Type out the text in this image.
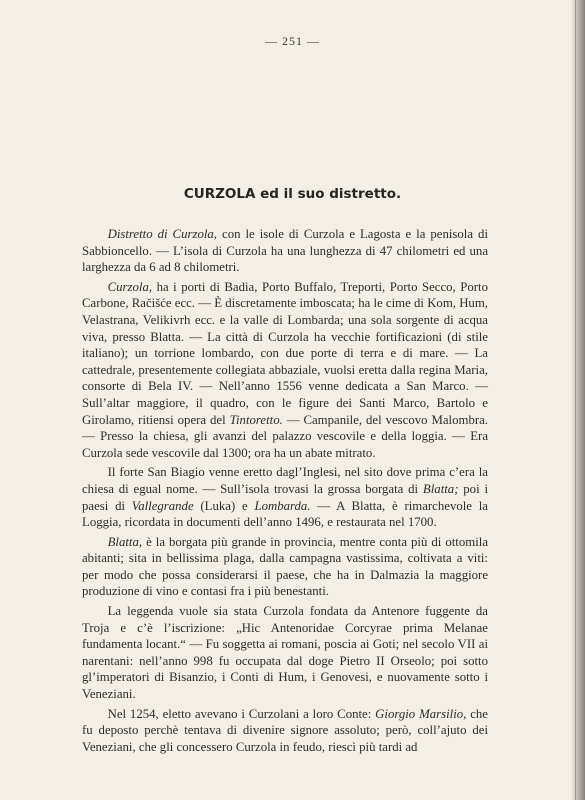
— 251 —
CURZOLA ed il suo distretto.

Distretto di Curzola, con le isole di Curzola e Lagosta e la penisola di Sabbioncello. — L’isola di Curzola ha una lunghezza di 47 chilometri ed una larghezza da 6 ad 8 chilometri.

Curzola, ha i porti di Badia, Porto Buffalo, Treporti, Porto Secco, Porto Carbone, Račišće ecc. — È discretamente imboscata; ha le cime di Kom, Hum, Velastrana, Velikivrh ecc. e la valle di Lombarda; una sola sorgente di acqua viva, presso Blatta. — La città di Curzola ha vecchie fortificazioni (di stile italiano); un torrione lombardo, con due porte di terra e di mare. — La cattedrale, presentemente collegiata abbaziale, vuolsi eretta dalla regina Maria, consorte di Bela IV. — Nell’anno 1556 venne dedicata a San Marco. — Sull’altar maggiore, il quadro, con le figure dei Santi Marco, Bartolo e Girolamo, ritiensi opera del Tintoretto. — Campanile, del vescovo Malombra. — Presso la chiesa, gli avanzi del palazzo vescovile e della loggia. — Era Curzola sede vescovile dal 1300; ora ha un abate mitrato.

Il forte San Biagio venne eretto dagl’Inglesi, nel sito dove prima c’era la chiesa di egual nome. — Sull’isola trovasi la grossa borgata di Blatta; poi i paesi di Vallegrande (Luka) e Lombarda. — A Blatta, è rimarchevole la Loggia, ricordata in documenti dell’anno 1496, e restaurata nel 1700.

Blatta, è la borgata più grande in provincia, mentre conta più di ottomila abitanti; sita in bellissima plaga, dalla campagna vastissima, coltivata a viti: per modo che possa considerarsi il paese, che ha in Dalmazia la maggiore produzione di vino e contasi fra i più benestanti.

La leggenda vuole sia stata Curzola fondata da Antenore fuggente da Troja e c’è l’iscrizione: „Hic Antenoridae Corcyrae prima Melanae fundamenta locant.“ — Fu soggetta ai romani, poscia ai Goti; nel secolo VII ai narentani: nell’anno 998 fu occupata dal doge Pietro II Orseolo; poi sotto gl’imperatori di Bisanzio, i Conti di Hum, i Genovesi, e nuovamente sotto i Veneziani.

Nel 1254, eletto avevano i Curzolani a loro Conte: Giorgio Marsilio, che fu deposto perchè tentava di divenire signore assoluto; però, coll’ajuto dei Veneziani, che gli concessero Curzola in feudo, riescì più tardi ad
